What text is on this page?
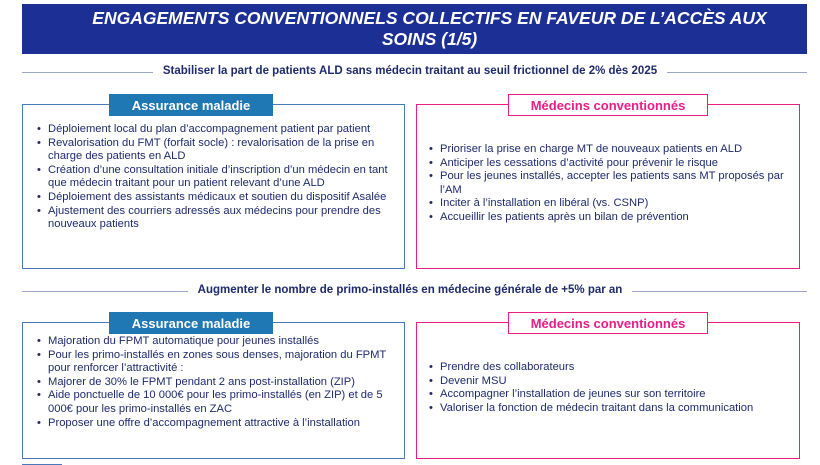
ENGAGEMENTS CONVENTIONNELS COLLECTIFS EN FAVEUR DE L’ACCÈS AUX SOINS (1/5)
Stabiliser la part de patients ALD sans médecin traitant au seuil frictionnel de 2% dès 2025
• Déploiement local du plan d’accompagnement patient par patient
• Revalorisation du FMT (forfait socle) : revalorisation de la prise en charge des patients en ALD
• Création d’une consultation initiale d’inscription d’un médecin en tant que médecin traitant pour un patient relevant d’une ALD
• Déploiement des assistants médicaux et soutien du dispositif Asalée
• Ajustement des courriers adressés aux médecins pour prendre des nouveaux patients
Assurance maladie
• Prioriser la prise en charge MT de nouveaux patients en ALD
• Anticiper les cessations d’activité pour prévenir le risque
• Pour les jeunes installés, accepter les patients sans MT proposés par l’AM
• Inciter à l’installation en libéral (vs. CSNP)
• Accueillir les patients après un bilan de prévention
Médecins conventionnés
Augmenter le nombre de primo-installés en médecine générale de +5% par an
• Majoration du FPMT automatique pour jeunes installés
• Pour les primo-installés en zones sous denses, majoration du FPMT pour renforcer l’attractivité :
• Majorer de 30% le FPMT pendant 2 ans post-installation (ZIP)
• Aide ponctuelle de 10 000€ pour les primo-installés (en ZIP) et de 5 000€ pour les primo-installés en ZAC
• Proposer une offre d’accompagnement attractive à l’installation
Assurance maladie
• Prendre des collaborateurs
• Devenir MSU
• Accompagner l’installation de jeunes sur son territoire
• Valoriser la fonction de médecin traitant dans la communication
Médecins conventionnés
